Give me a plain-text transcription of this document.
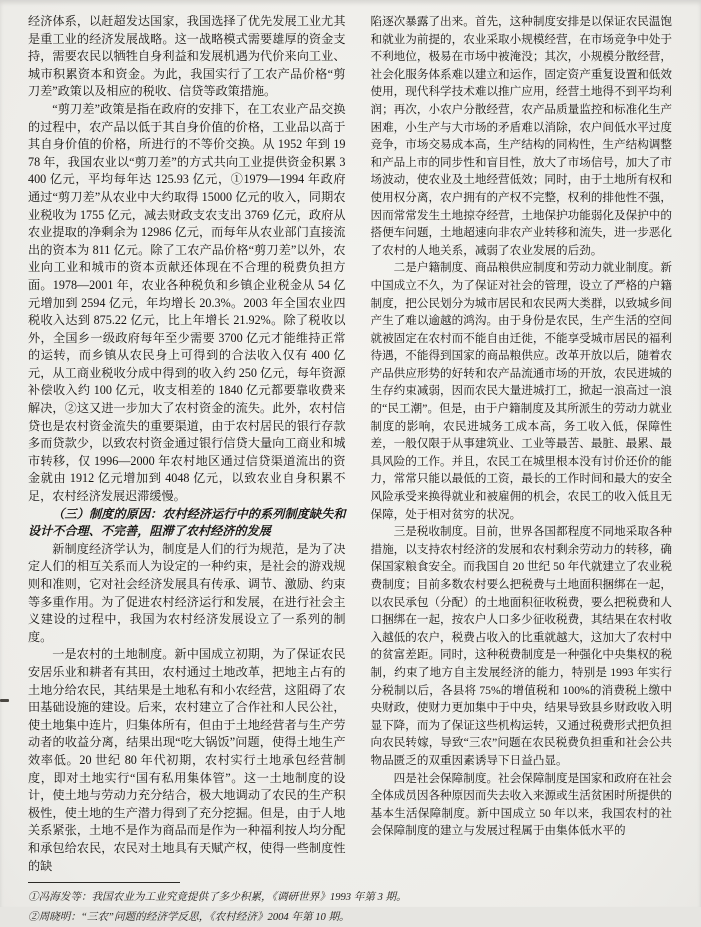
经济体系，以赶超发达国家，我国选择了优先发展工业尤其是重工业的经济发展战略。这一战略模式需要雄厚的资金支持，需要农民以牺牲自身利益和发展机遇为代价来向工业、城市积累资本和资金。为此，我国实行了工农产品价格“剪刀差”政策以及相应的税收、信贷等政策措施。

“剪刀差”政策是指在政府的安排下，在工农业产品交换的过程中，农产品以低于其自身价值的价格，工业品以高于其自身价值的价格，所进行的不等价交换。从 1952 年到 1978 年，我国农业以“剪刀差”的方式共向工业提供资金积累 3400 亿元，平均每年达 125.93 亿元，①1979—1994 年政府通过“剪刀差”从农业中大约取得 15000 亿元的收入，同期农业税收为 1755 亿元，减去财政支农支出 3769 亿元，政府从农业提取的净剩余为 12986 亿元，而每年从农业部门直接流出的资本为 811 亿元。除了工农产品价格“剪刀差”以外，农业向工业和城市的资本贡献还体现在不合理的税费负担方面。1978—2001 年，农业各种税负和乡镇企业税金从 54 亿元增加到 2594 亿元，年均增长 20.3%。2003 年全国农业四税收入达到 875.22 亿元，比上年增长 21.92%。除了税收以外，全国乡一级政府每年至少需要 3700 亿元才能维持正常的运转，而乡镇从农民身上可得到的合法收入仅有 400 亿元，从工商业税收分成中得到的收入约 250 亿元，每年资源补偿收入约 100 亿元，收支相差的 1840 亿元都要靠收费来解决，②这又进一步加大了农村资金的流失。此外，农村信贷也是农村资金流失的重要渠道，由于农村居民的银行存款多而贷款少，以致农村资金通过银行信贷大量向工商业和城市转移，仅 1996—2000 年农村地区通过信贷渠道流出的资金就由 1912 亿元增加到 4048 亿元，以致农业自身积累不足，农村经济发展迟滞缓慢。

（三）制度的原因：农村经济运行中的系列制度缺失和设计不合理、不完善，阻滞了农村经济的发展

新制度经济学认为，制度是人们的行为规范，是为了决定人们的相互关系而人为设定的一种约束，是社会的游戏规则和准则，它对社会经济发展具有传承、调节、激励、约束等多重作用。为了促进农村经济运行和发展，在进行社会主义建设的过程中，我国为农村经济发展设立了一系列的制度。

一是农村的土地制度。新中国成立初期，为了保证农民安居乐业和耕者有其田，农村通过土地改革，把地主占有的土地分给农民，其结果是土地私有和小农经营，这阻碍了农田基础设施的建设。后来，农村建立了合作社和人民公社，使土地集中连片，归集体所有，但由于土地经营者与生产劳动者的收益分离，结果出现“吃大锅饭”问题，使得土地生产效率低。20 世纪 80 年代初期，农村实行土地承包经营制度，即对土地实行“国有私用集体管”。这一土地制度的设计，使土地与劳动力充分结合，极大地调动了农民的生产积极性，使土地的生产潜力得到了充分挖掘。但是，由于人地关系紧张，土地不是作为商品而是作为一种福利按人均分配和承包给农民，农民对土地具有天赋产权，使得一些制度性的缺

陷逐次暴露了出来。首先，这种制度安排是以保证农民温饱和就业为前提的，农业采取小规模经营，在市场竞争中处于不利地位，极易在市场中被淹没；其次，小规模分散经营，社会化服务体系难以建立和运作，固定资产重复设置和低效使用，现代科学技术难以推广应用，经营土地得不到平均利润；再次，小农户分散经营，农产品质量监控和标准化生产困难，小生产与大市场的矛盾难以消除，农户间低水平过度竞争，市场交易成本高，生产结构的同构性，生产结构调整和产品上市的同步性和盲目性，放大了市场信号，加大了市场波动，使农业及土地经营低效；同时，由于土地所有权和使用权分离，农户拥有的产权不完整，权利的排他性不强，因而常常发生土地掠夺经营，土地保护功能弱化及保护中的搭便车问题，土地超速向非农产业转移和流失，进一步恶化了农村的人地关系，减弱了农业发展的后劲。

二是户籍制度、商品粮供应制度和劳动力就业制度。新中国成立不久，为了保证对社会的管理，设立了严格的户籍制度，把公民划分为城市居民和农民两大类群，以致城乡间产生了难以逾越的鸿沟。由于身份是农民，生产生活的空间就被固定在农村而不能自由迁徙，不能享受城市居民的福利待遇，不能得到国家的商品粮供应。改革开放以后，随着农产品供应形势的好转和农产品流通市场的开放，农民进城的生存约束减弱，因而农民大量进城打工，掀起一浪高过一浪的“民工潮”。但是，由于户籍制度及其所派生的劳动力就业制度的影响，农民进城务工成本高，务工收入低，保障性差，一般仅限于从事建筑业、工业等最苦、最脏、最累、最具风险的工作。并且，农民工在城里根本没有讨价还价的能力，常常只能以最低的工资，最长的工作时间和最大的安全风险承受来换得就业和被雇佣的机会，农民工的收入低且无保障，处于相对贫穷的状况。

三是税收制度。目前，世界各国都程度不同地采取各种措施，以支持农村经济的发展和农村剩余劳动力的转移，确保国家粮食安全。而我国自 20 世纪 50 年代就建立了农业税费制度；目前多数农村要么把税费与土地面积捆绑在一起，以农民承包（分配）的土地面积征收税费，要么把税费和人口捆绑在一起，按农户人口多少征收税费，其结果在农村收入越低的农户，税费占收入的比重就越大，这加大了农村中的贫富差距。同时，这种税费制度是一种强化中央集权的税制，约束了地方自主发展经济的能力，特别是 1993 年实行分税制以后，各县将 75%的增值税和 100%的消费税上缴中央财政，使财力更加集中于中央，结果导致县乡财政收入明显下降，而为了保证这些机构运转，又通过税费形式把负担向农民转嫁，导致“三农”问题在农民税费负担重和社会公共物品匮乏的双重因素诱导下日益凸显。

四是社会保障制度。社会保障制度是国家和政府在社会全体成员因各种原因而失去收入来源或生活贫困时所提供的基本生活保障制度。新中国成立 50 年以来，我国农村的社会保障制度的建立与发展过程属于由集体低水平的

①冯海发等：我国农业为工业究竟提供了多少积累，《调研世界》1993 年第 3 期。

②周晓明：“三农”问题的经济学反思，《农村经济》2004 年第 10 期。
